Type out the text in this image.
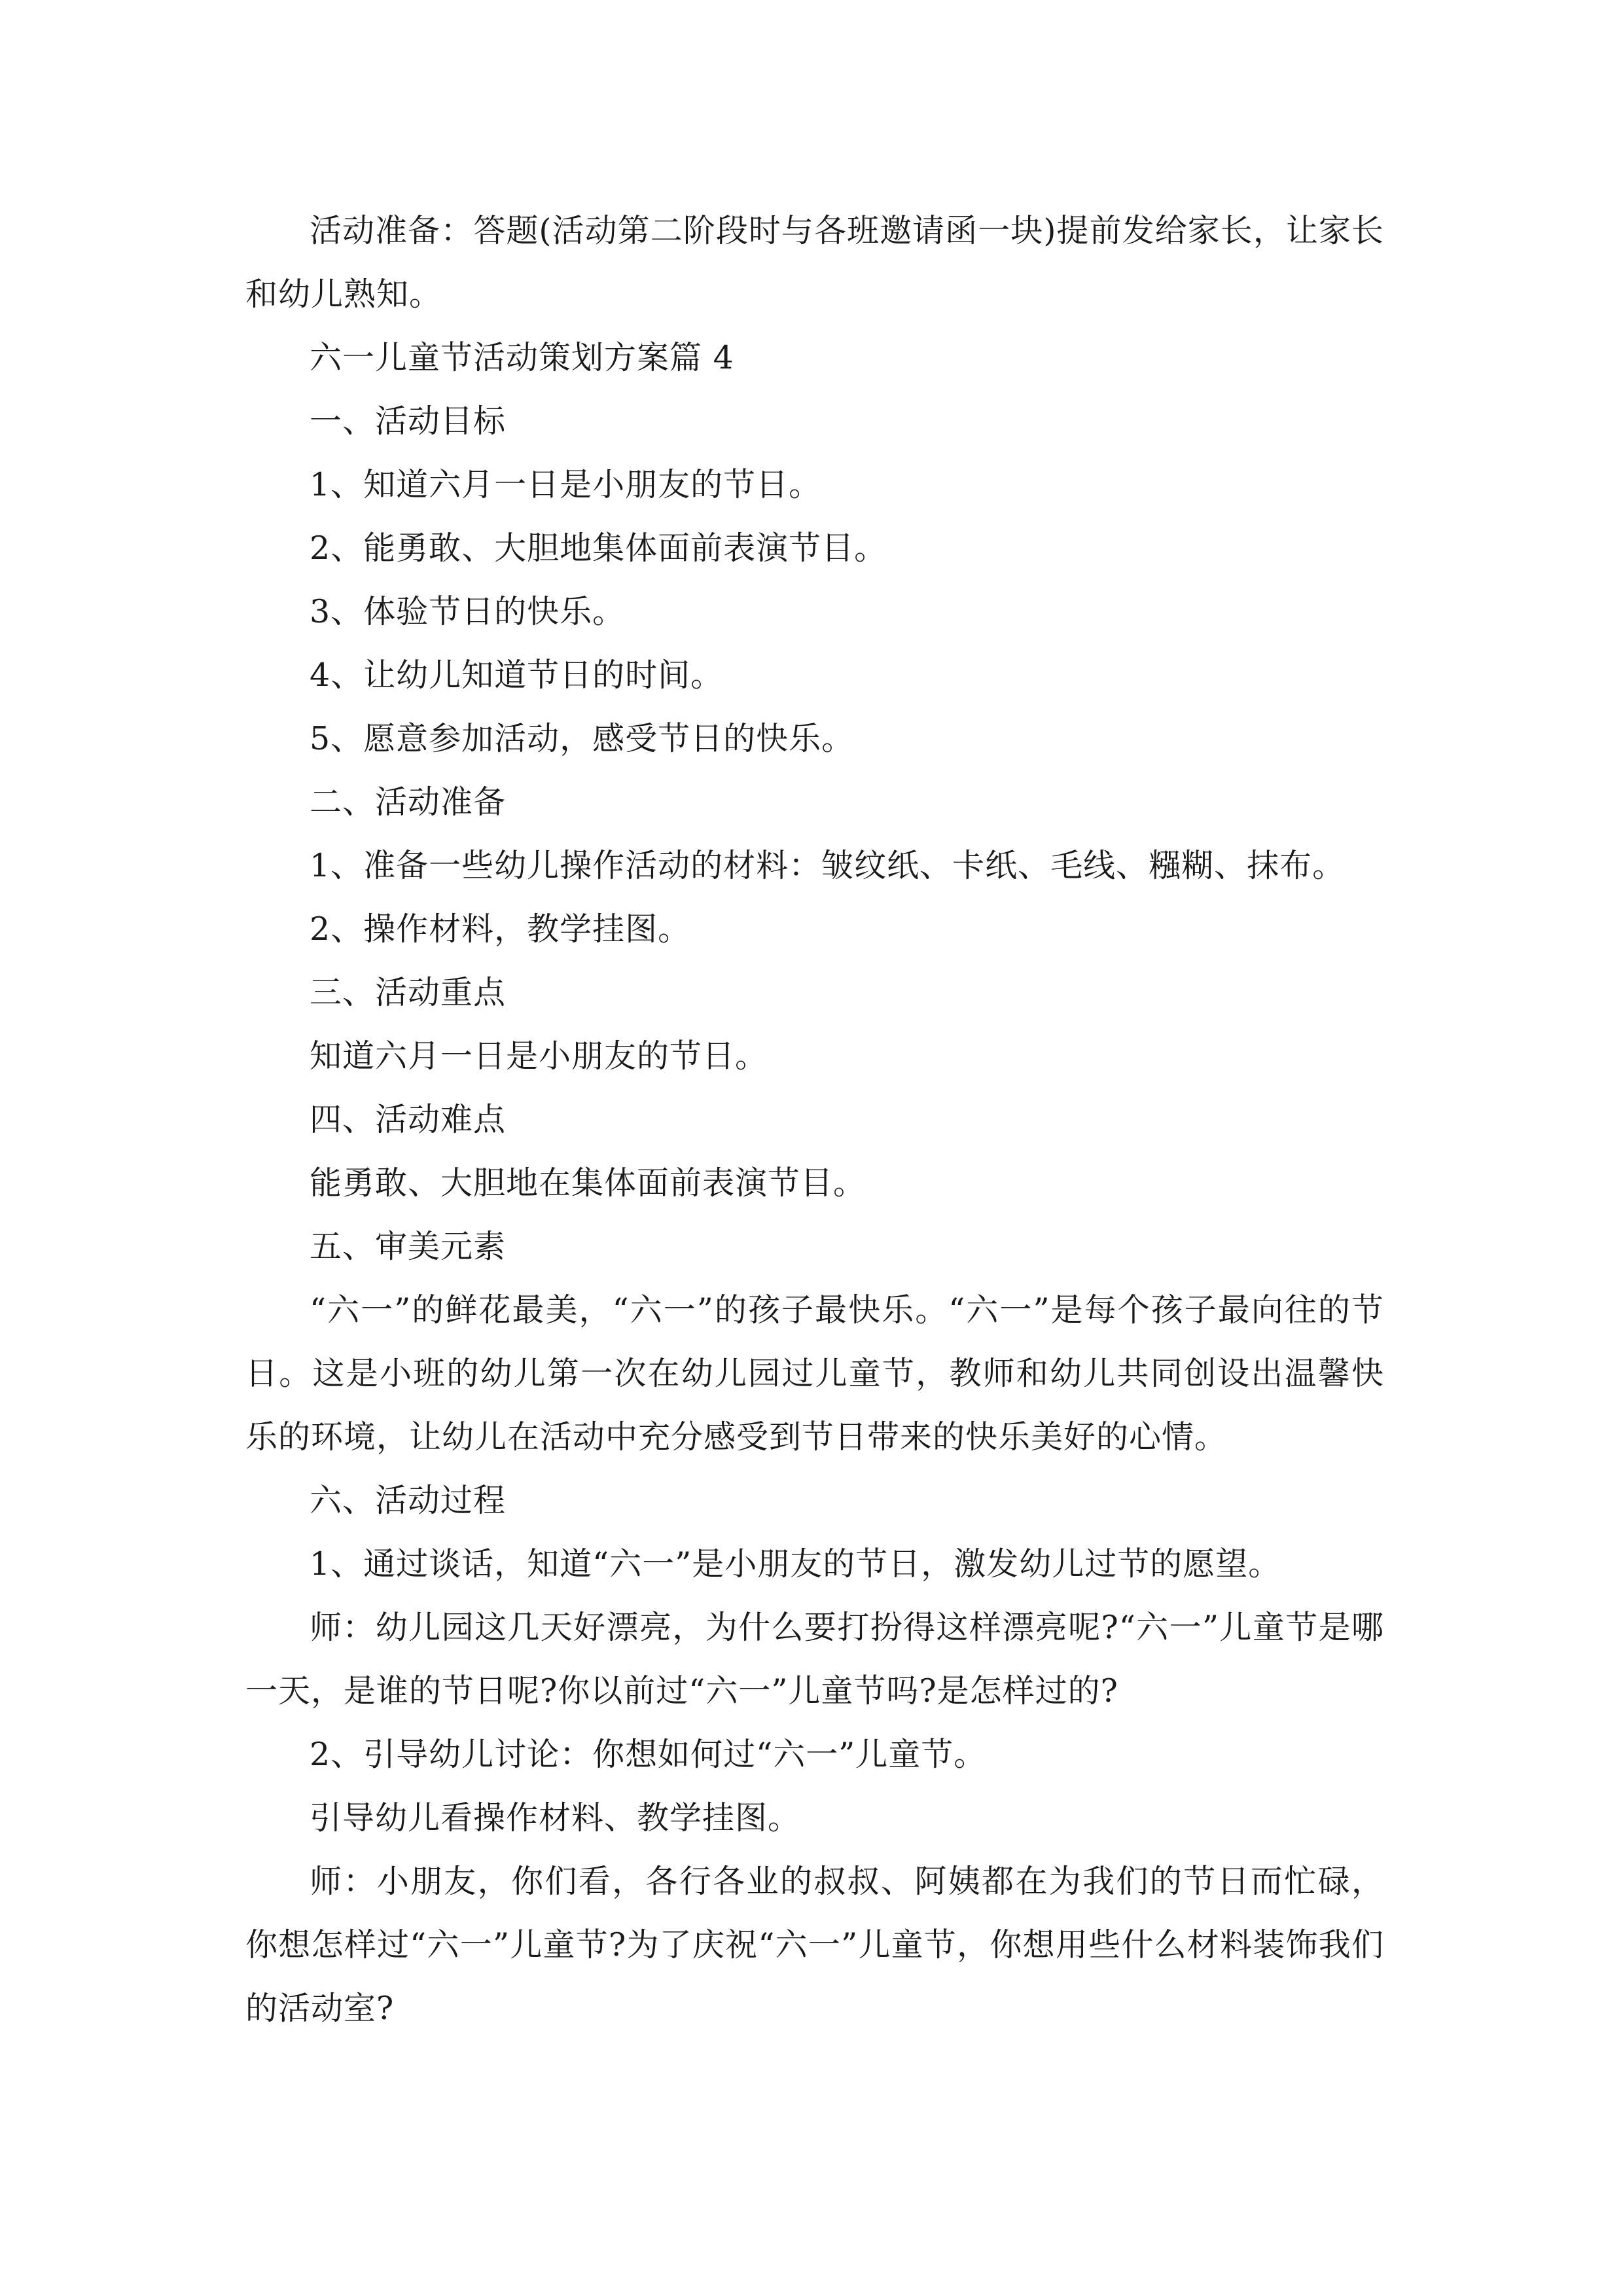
活动准备：答题(活动第二阶段时与各班邀请函一块)提前发给家长，让家长和幼儿熟知。

六一儿童节活动策划方案篇 4

一、活动目标

1、知道六月一日是小朋友的节日。

2、能勇敢、大胆地集体面前表演节目。

3、体验节日的快乐。

4、让幼儿知道节日的时间。

5、愿意参加活动，感受节日的快乐。

二、活动准备

1、准备一些幼儿操作活动的材料：皱纹纸、卡纸、毛线、糨糊、抹布。

2、操作材料，教学挂图。

三、活动重点

知道六月一日是小朋友的节日。

四、活动难点

能勇敢、大胆地在集体面前表演节目。

五、审美元素

“六一”的鲜花最美，“六一”的孩子最快乐。“六一”是每个孩子最向往的节日。这是小班的幼儿第一次在幼儿园过儿童节，教师和幼儿共同创设出温馨快乐的环境，让幼儿在活动中充分感受到节日带来的快乐美好的心情。

六、活动过程

1、通过谈话，知道“六一”是小朋友的节日，激发幼儿过节的愿望。

师：幼儿园这几天好漂亮，为什么要打扮得这样漂亮呢?“六一”儿童节是哪一天，是谁的节日呢?你以前过“六一”儿童节吗?是怎样过的?

2、引导幼儿讨论：你想如何过“六一”儿童节。

引导幼儿看操作材料、教学挂图。

师：小朋友，你们看，各行各业的叔叔、阿姨都在为我们的节日而忙碌，你想怎样过“六一”儿童节?为了庆祝“六一”儿童节，你想用些什么材料装饰我们的活动室?
